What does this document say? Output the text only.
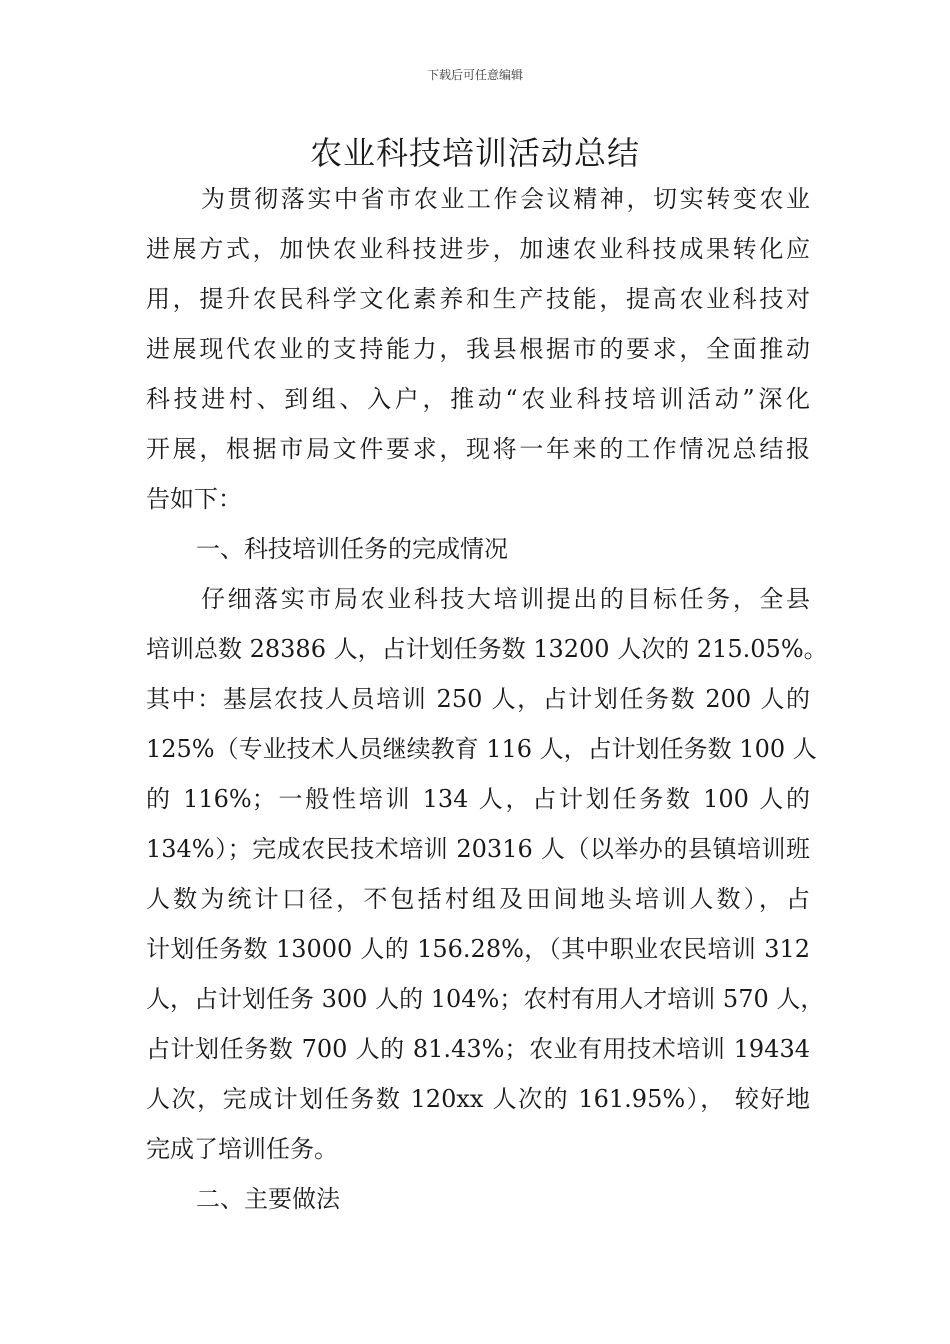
下载后可任意编辑
农业科技培训活动总结
为贯彻落实中省市农业工作会议精神，切实转变农业
进展方式，加快农业科技进步，加速农业科技成果转化应
用，提升农民科学文化素养和生产技能，提高农业科技对
进展现代农业的支持能力，我县根据市的要求，全面推动
科技进村、到组、入户，推动“农业科技培训活动”深化
开展，根据市局文件要求，现将一年来的工作情况总结报
告如下：
一、科技培训任务的完成情况
仔细落实市局农业科技大培训提出的目标任务，全县
培训总数 28386 人，占计划任务数 13200 人次的 215.05%。
其中：基层农技人员培训 250 人，占计划任务数 200 人的
125%（专业技术人员继续教育 116 人，占计划任务数 100 人
的 116%；一般性培训 134 人，占计划任务数 100 人的
134%）；完成农民技术培训 20316 人（以举办的县镇培训班
人数为统计口径，不包括村组及田间地头培训人数），占
计划任务数 13000 人的 156.28%，（其中职业农民培训 312
人，占计划任务 300 人的 104%；农村有用人才培训 570 人，
占计划任务数 700 人的 81.43%；农业有用技术培训 19434
人次，完成计划任务数 120xx 人次的 161.95%）， 较好地
完成了培训任务。
二、主要做法
